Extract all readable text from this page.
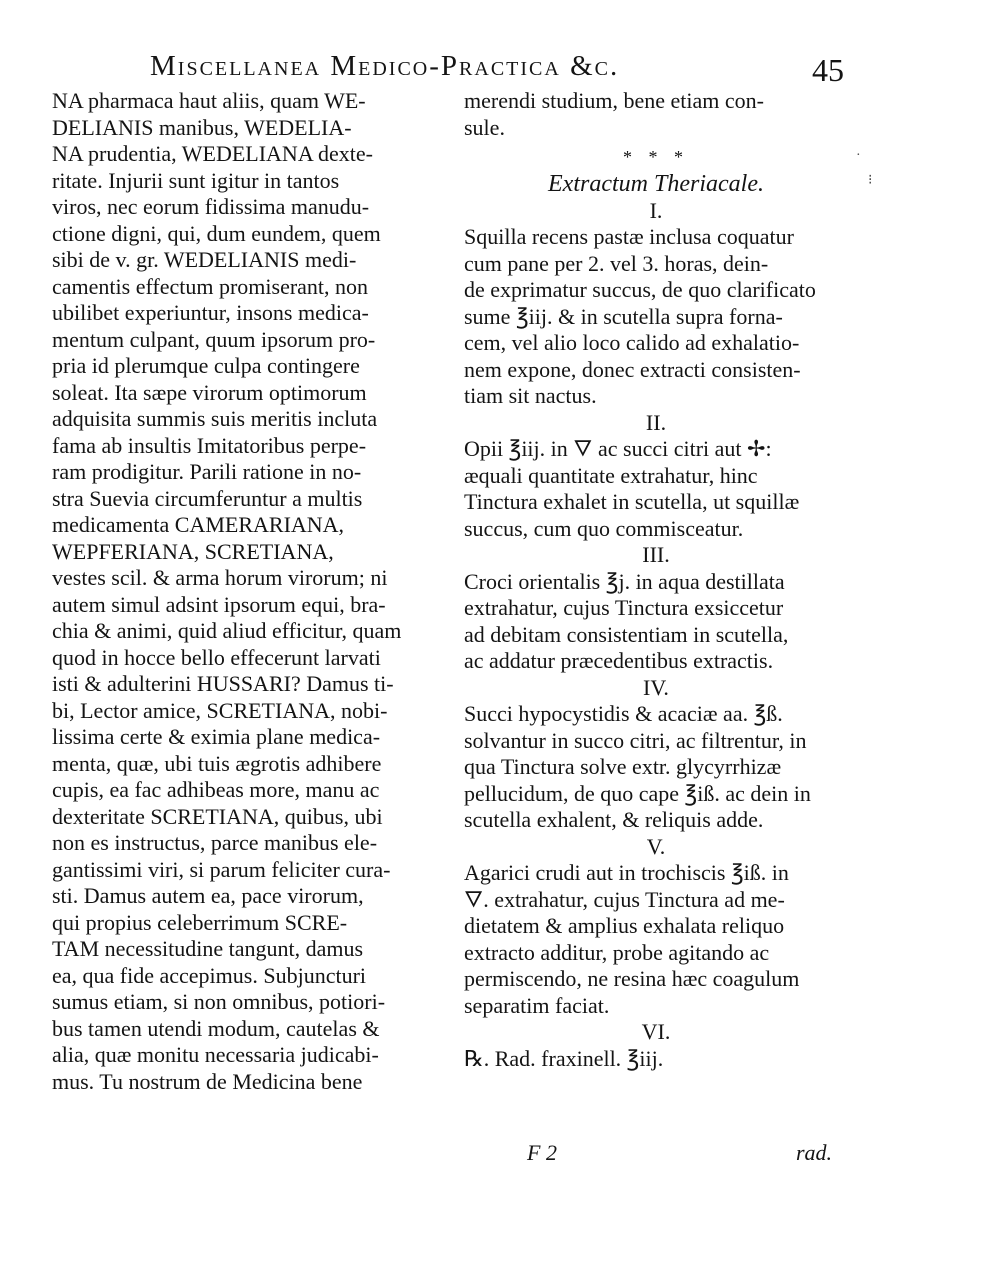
Miscellanea Medico-Practica &c.	45
NA pharmaca haut aliis, quam WE-
DELIANIS manibus, WEDELIA-
NA prudentia, WEDELIANA dexte-
ritate. Injurii sunt igitur in tantos
viros, nec eorum fidissima manudu-
ctione digni, qui, dum eundem, quem
sibi de v. gr. WEDELIANIS medi-
camentis effectum promiserant, non
ubilibet experiuntur, insons medica-
mentum culpant, quum ipsorum pro-
pria id plerumque culpa contingere
soleat. Ita sæpe virorum optimorum
adquisita summis suis meritis incluta
fama ab insultis Imitatoribus perpe-
ram prodigitur. Parili ratione in no-
stra Suevia circumferuntur a multis
medicamenta CAMERARIANA,
WEPFERIANA, SCRETIANA,
vestes scil. & arma horum virorum; ni
autem simul adsint ipsorum equi, bra-
chia & animi, quid aliud efficitur, quam
quod in hocce bello effecerunt larvati
isti & adulterini HUSSARI? Damus ti-
bi, Lector amice, SCRETIANA, nobi-
lissima certe & eximia plane medica-
menta, quæ, ubi tuis ægrotis adhibere
cupis, ea fac adhibeas more, manu ac
dexteritate SCRETIANA, quibus, ubi
non es instructus, parce manibus ele-
gantissimi viri, si parum feliciter cura-
sti. Damus autem ea, pace virorum,
qui propius celeberrimum SCRE-
TAM necessitudine tangunt, damus
ea, qua fide accepimus. Subjuncturi
sumus etiam, si non omnibus, potiori-
bus tamen utendi modum, cautelas &
alia, quæ monitu necessaria judicabi-
mus. Tu nostrum de Medicina bene
merendi studium, bene etiam con-
sule.
* * *
Extractum Theriacale.
I.
Squilla recens pastæ inclusa coquatur
cum pane per 2. vel 3. horas, dein-
de exprimatur succus, de quo clarificato
sume ℥iij. & in scutella supra forna-
cem, vel alio loco calido ad exhalatio-
nem expone, donec extracti consisten-
tiam sit nactus.
II.
Opii ℥iij. in 🜄 ac succi citri aut ✢:
æquali quantitate extrahatur, hinc
Tinctura exhalet in scutella, ut squillæ
succus, cum quo commisceatur.
III.
Croci orientalis ℥j. in aqua destillata
extrahatur, cujus Tinctura exsiccetur
ad debitam consistentiam in scutella,
ac addatur præcedentibus extractis.
IV.
Succi hypocystidis & acaciæ aa. ℥ß.
solvantur in succo citri, ac filtrentur, in
qua Tinctura solve extr. glycyrrhizæ
pellucidum, de quo cape ℥iß. ac dein in
scutella exhalent, & reliquis adde.
V.
Agarici crudi aut in trochiscis ℥iß. in
🜄. extrahatur, cujus Tinctura ad me-
dietatem & amplius exhalata reliquo
extracto additur, probe agitando ac
permiscendo, ne resina hæc coagulum
separatim faciat.
VI.
℞. Rad. fraxinell. ℥iij.
F 2	rad.
·
⁝
